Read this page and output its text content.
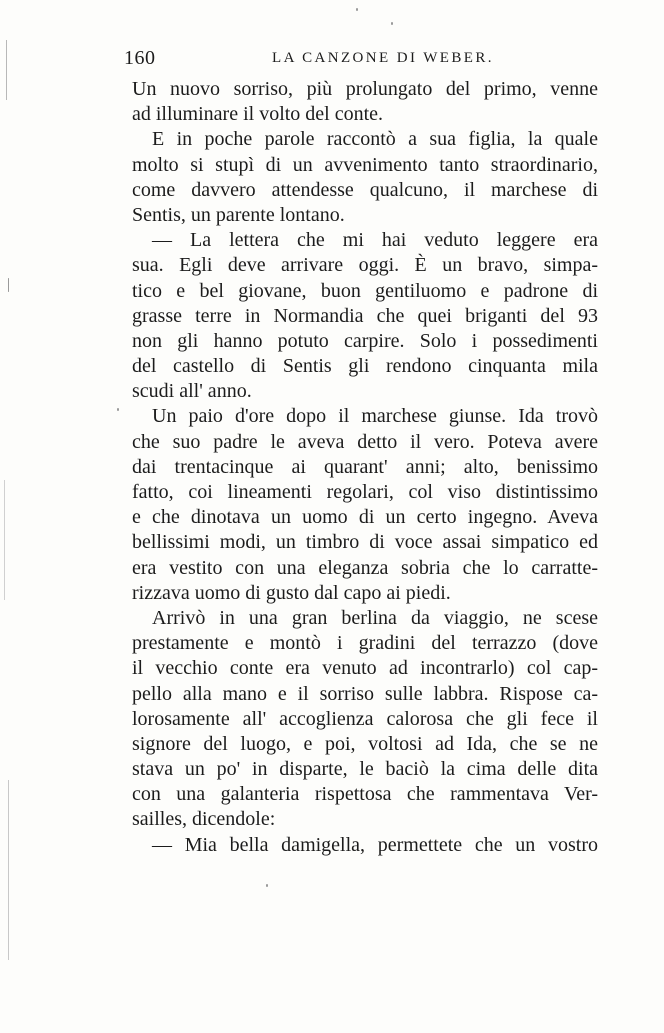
160	LA CANZONE DI WEBER.
Un nuovo sorriso, più prolungato del primo, venne
ad illuminare il volto del conte.
E in poche parole raccontò a sua figlia, la quale
molto si stupì di un avvenimento tanto straordinario,
come davvero attendesse qualcuno, il marchese di
Sentis, un parente lontano.
— La lettera che mi hai veduto leggere era
sua. Egli deve arrivare oggi. È un bravo, simpa-
tico e bel giovane, buon gentiluomo e padrone di
grasse terre in Normandia che quei briganti del 93
non gli hanno potuto carpire. Solo i possedimenti
del castello di Sentis gli rendono cinquanta mila
scudi all' anno.
Un paio d'ore dopo il marchese giunse. Ida trovò
che suo padre le aveva detto il vero. Poteva avere
dai trentacinque ai quarant' anni; alto, benissimo
fatto, coi lineamenti regolari, col viso distintissimo
e che dinotava un uomo di un certo ingegno. Aveva
bellissimi modi, un timbro di voce assai simpatico ed
era vestito con una eleganza sobria che lo carratte-
rizzava uomo di gusto dal capo ai piedi.
Arrivò in una gran berlina da viaggio, ne scese
prestamente e montò i gradini del terrazzo (dove
il vecchio conte era venuto ad incontrarlo) col cap-
pello alla mano e il sorriso sulle labbra. Rispose ca-
lorosamente all' accoglienza calorosa che gli fece il
signore del luogo, e poi, voltosi ad Ida, che se ne
stava un po' in disparte, le baciò la cima delle dita
con una galanteria rispettosa che rammentava Ver-
sailles, dicendole:
— Mia bella damigella, permettete che un vostro
